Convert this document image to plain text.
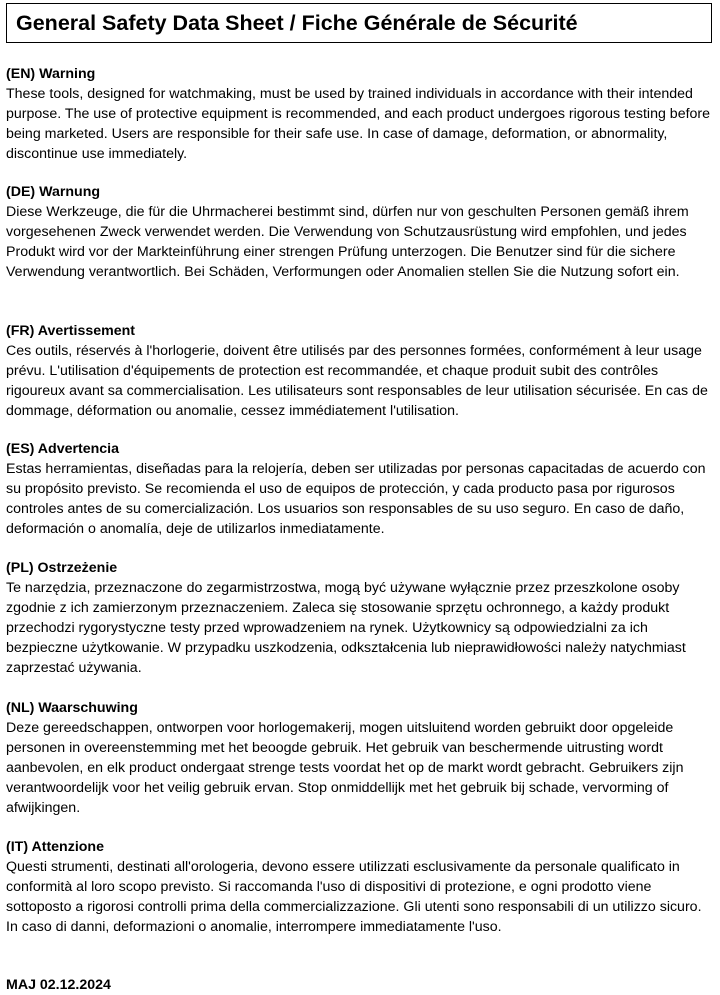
General Safety Data Sheet / Fiche Générale de Sécurité

(EN) Warning

These tools, designed for watchmaking, must be used by trained individuals in accordance with their intended purpose. The use of protective equipment is recommended, and each product undergoes rigorous testing before being marketed. Users are responsible for their safe use. In case of damage, deformation, or abnormality, discontinue use immediately.

(DE) Warnung

Diese Werkzeuge, die für die Uhrmacherei bestimmt sind, dürfen nur von geschulten Personen gemäß ihrem vorgesehenen Zweck verwendet werden. Die Verwendung von Schutzausrüstung wird empfohlen, und jedes Produkt wird vor der Markteinführung einer strengen Prüfung unterzogen. Die Benutzer sind für die sichere Verwendung verantwortlich. Bei Schäden, Verformungen oder Anomalien stellen Sie die Nutzung sofort ein.

(FR) Avertissement

Ces outils, réservés à l'horlogerie, doivent être utilisés par des personnes formées, conformément à leur usage prévu. L'utilisation d'équipements de protection est recommandée, et chaque produit subit des contrôles rigoureux avant sa commercialisation. Les utilisateurs sont responsables de leur utilisation sécurisée. En cas de dommage, déformation ou anomalie, cessez immédiatement l'utilisation.

(ES) Advertencia

Estas herramientas, diseñadas para la relojería, deben ser utilizadas por personas capacitadas de acuerdo con su propósito previsto. Se recomienda el uso de equipos de protección, y cada producto pasa por rigurosos controles antes de su comercialización. Los usuarios son responsables de su uso seguro. En caso de daño, deformación o anomalía, deje de utilizarlos inmediatamente.

(PL) Ostrzeżenie

Te narzędzia, przeznaczone do zegarmistrzostwa, mogą być używane wyłącznie przez przeszkolone osoby zgodnie z ich zamierzonym przeznaczeniem. Zaleca się stosowanie sprzętu ochronnego, a każdy produkt przechodzi rygorystyczne testy przed wprowadzeniem na rynek. Użytkownicy są odpowiedzialni za ich bezpieczne użytkowanie. W przypadku uszkodzenia, odkształcenia lub nieprawidłowości należy natychmiast zaprzestać używania.

(NL) Waarschuwing

Deze gereedschappen, ontworpen voor horlogemakerij, mogen uitsluitend worden gebruikt door opgeleide personen in overeenstemming met het beoogde gebruik. Het gebruik van beschermende uitrusting wordt aanbevolen, en elk product ondergaat strenge tests voordat het op de markt wordt gebracht. Gebruikers zijn verantwoordelijk voor het veilig gebruik ervan. Stop onmiddellijk met het gebruik bij schade, vervorming of afwijkingen.

(IT) Attenzione

Questi strumenti, destinati all'orologeria, devono essere utilizzati esclusivamente da personale qualificato in conformità al loro scopo previsto. Si raccomanda l'uso di dispositivi di protezione, e ogni prodotto viene sottoposto a rigorosi controlli prima della commercializzazione. Gli utenti sono responsabili di un utilizzo sicuro. In caso di danni, deformazioni o anomalie, interrompere immediatamente l'uso.

MAJ 02.12.2024
